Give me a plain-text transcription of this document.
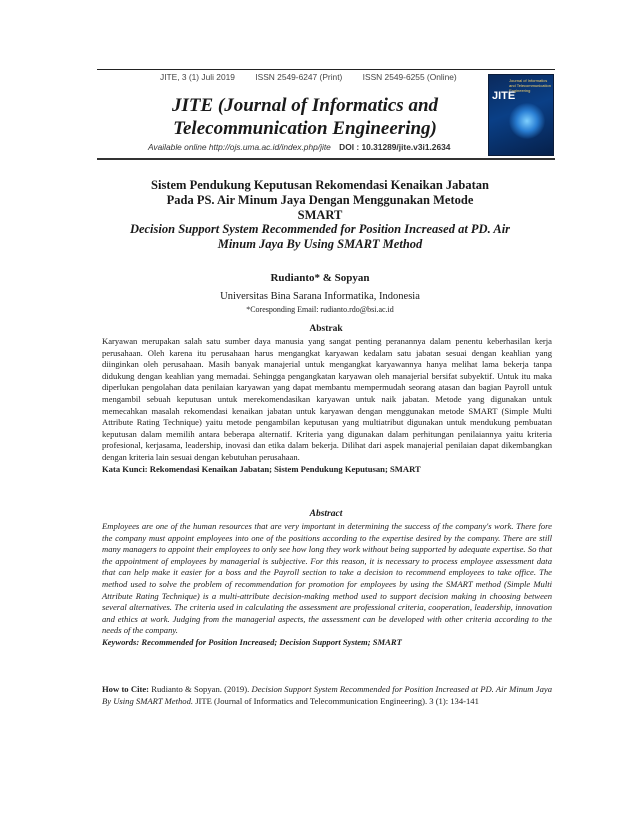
JITE, 3 (1) Juli 2019 ISSN 2549-6247 (Print) ISSN 2549-6255 (Online)
JITE (Journal of Informatics and Telecommunication Engineering)
Available online http://ojs.uma.ac.id/index.php/jite DOI : 10.31289/jite.v3i1.2634
Journal of Informatics and Telecommunication Engineering
JITE
Sistem Pendukung Keputusan Rekomendasi Kenaikan Jabatan Pada PS. Air Minum Jaya Dengan Menggunakan Metode SMART
Decision Support System Recommended for Position Increased at PD. Air Minum Jaya By Using SMART Method
Rudianto* & Sopyan
Universitas Bina Sarana Informatika, Indonesia
*Coresponding Email: rudianto.rdo@bsi.ac.id
Abstrak
Karyawan merupakan salah satu sumber daya manusia yang sangat penting peranannya dalam penentu keberhasilan kerja perusahaan. Oleh karena itu perusahaan harus mengangkat karyawan kedalam satu jabatan sesuai dengan keahlian yang diinginkan oleh perusahaan. Masih banyak manajerial untuk mengangkat karyawannya hanya melihat lama bekerja tanpa didukung dengan keahlian yang memadai. Sehingga pengangkatan karyawan oleh manajerial bersifat subyektif. Untuk itu maka diperlukan pengolahan data penilaian karyawan yang dapat membantu mempermudah seorang atasan dan bagian Payroll untuk mengambil sebuah keputusan untuk merekomendasikan karyawan untuk naik jabatan. Metode yang digunakan untuk memecahkan masalah rekomendasi kenaikan jabatan untuk karyawan dengan menggunakan metode SMART (Simple Multi Attribute Rating Technique) yaitu metode pengambilan keputusan yang multiatribut digunakan untuk mendukung pembuatan keputusan dalam memilih antara beberapa alternatif. Kriteria yang digunakan dalam perhitungan penilaiannya yaitu kriteria profesional, kerjasama, leadership, inovasi dan etika dalam bekerja. Dilihat dari aspek manajerial penilaian dapat dikembangkan dengan kriteria lain sesuai dengan kebutuhan perusahaan.
Kata Kunci: Rekomendasi Kenaikan Jabatan; Sistem Pendukung Keputusan; SMART
Abstract
Employees are one of the human resources that are very important in determining the success of the company's work. There fore the company must appoint employees into one of the positions according to the expertise desired by the company. There are still many managers to appoint their employees to only see how long they work without being supported by adequate expertise. So that the appointment of employees by managerial is subjective. For this reason, it is necessary to process employee assessment data that can help make it easier for a boss and the Payroll section to take a decision to recommend employees to take office. The method used to solve the problem of recommendation for promotion for employees by using the SMART method (Simple Multi Attribute Rating Technique) is a multi-attribute decision-making method used to support decision making in choosing between several alternatives. The criteria used in calculating the assessment are professional criteria, cooperation, leadership, innovation and ethics at work. Judging from the managerial aspects, the assessment can be developed with other criteria according to the needs of the company.
Keywords: Recommended for Position Increased; Decision Support System; SMART
How to Cite: Rudianto & Sopyan. (2019). Decision Support System Recommended for Position Increased at PD. Air Minum Jaya By Using SMART Method. JITE (Journal of Informatics and Telecommunication Engineering). 3 (1): 134-141
